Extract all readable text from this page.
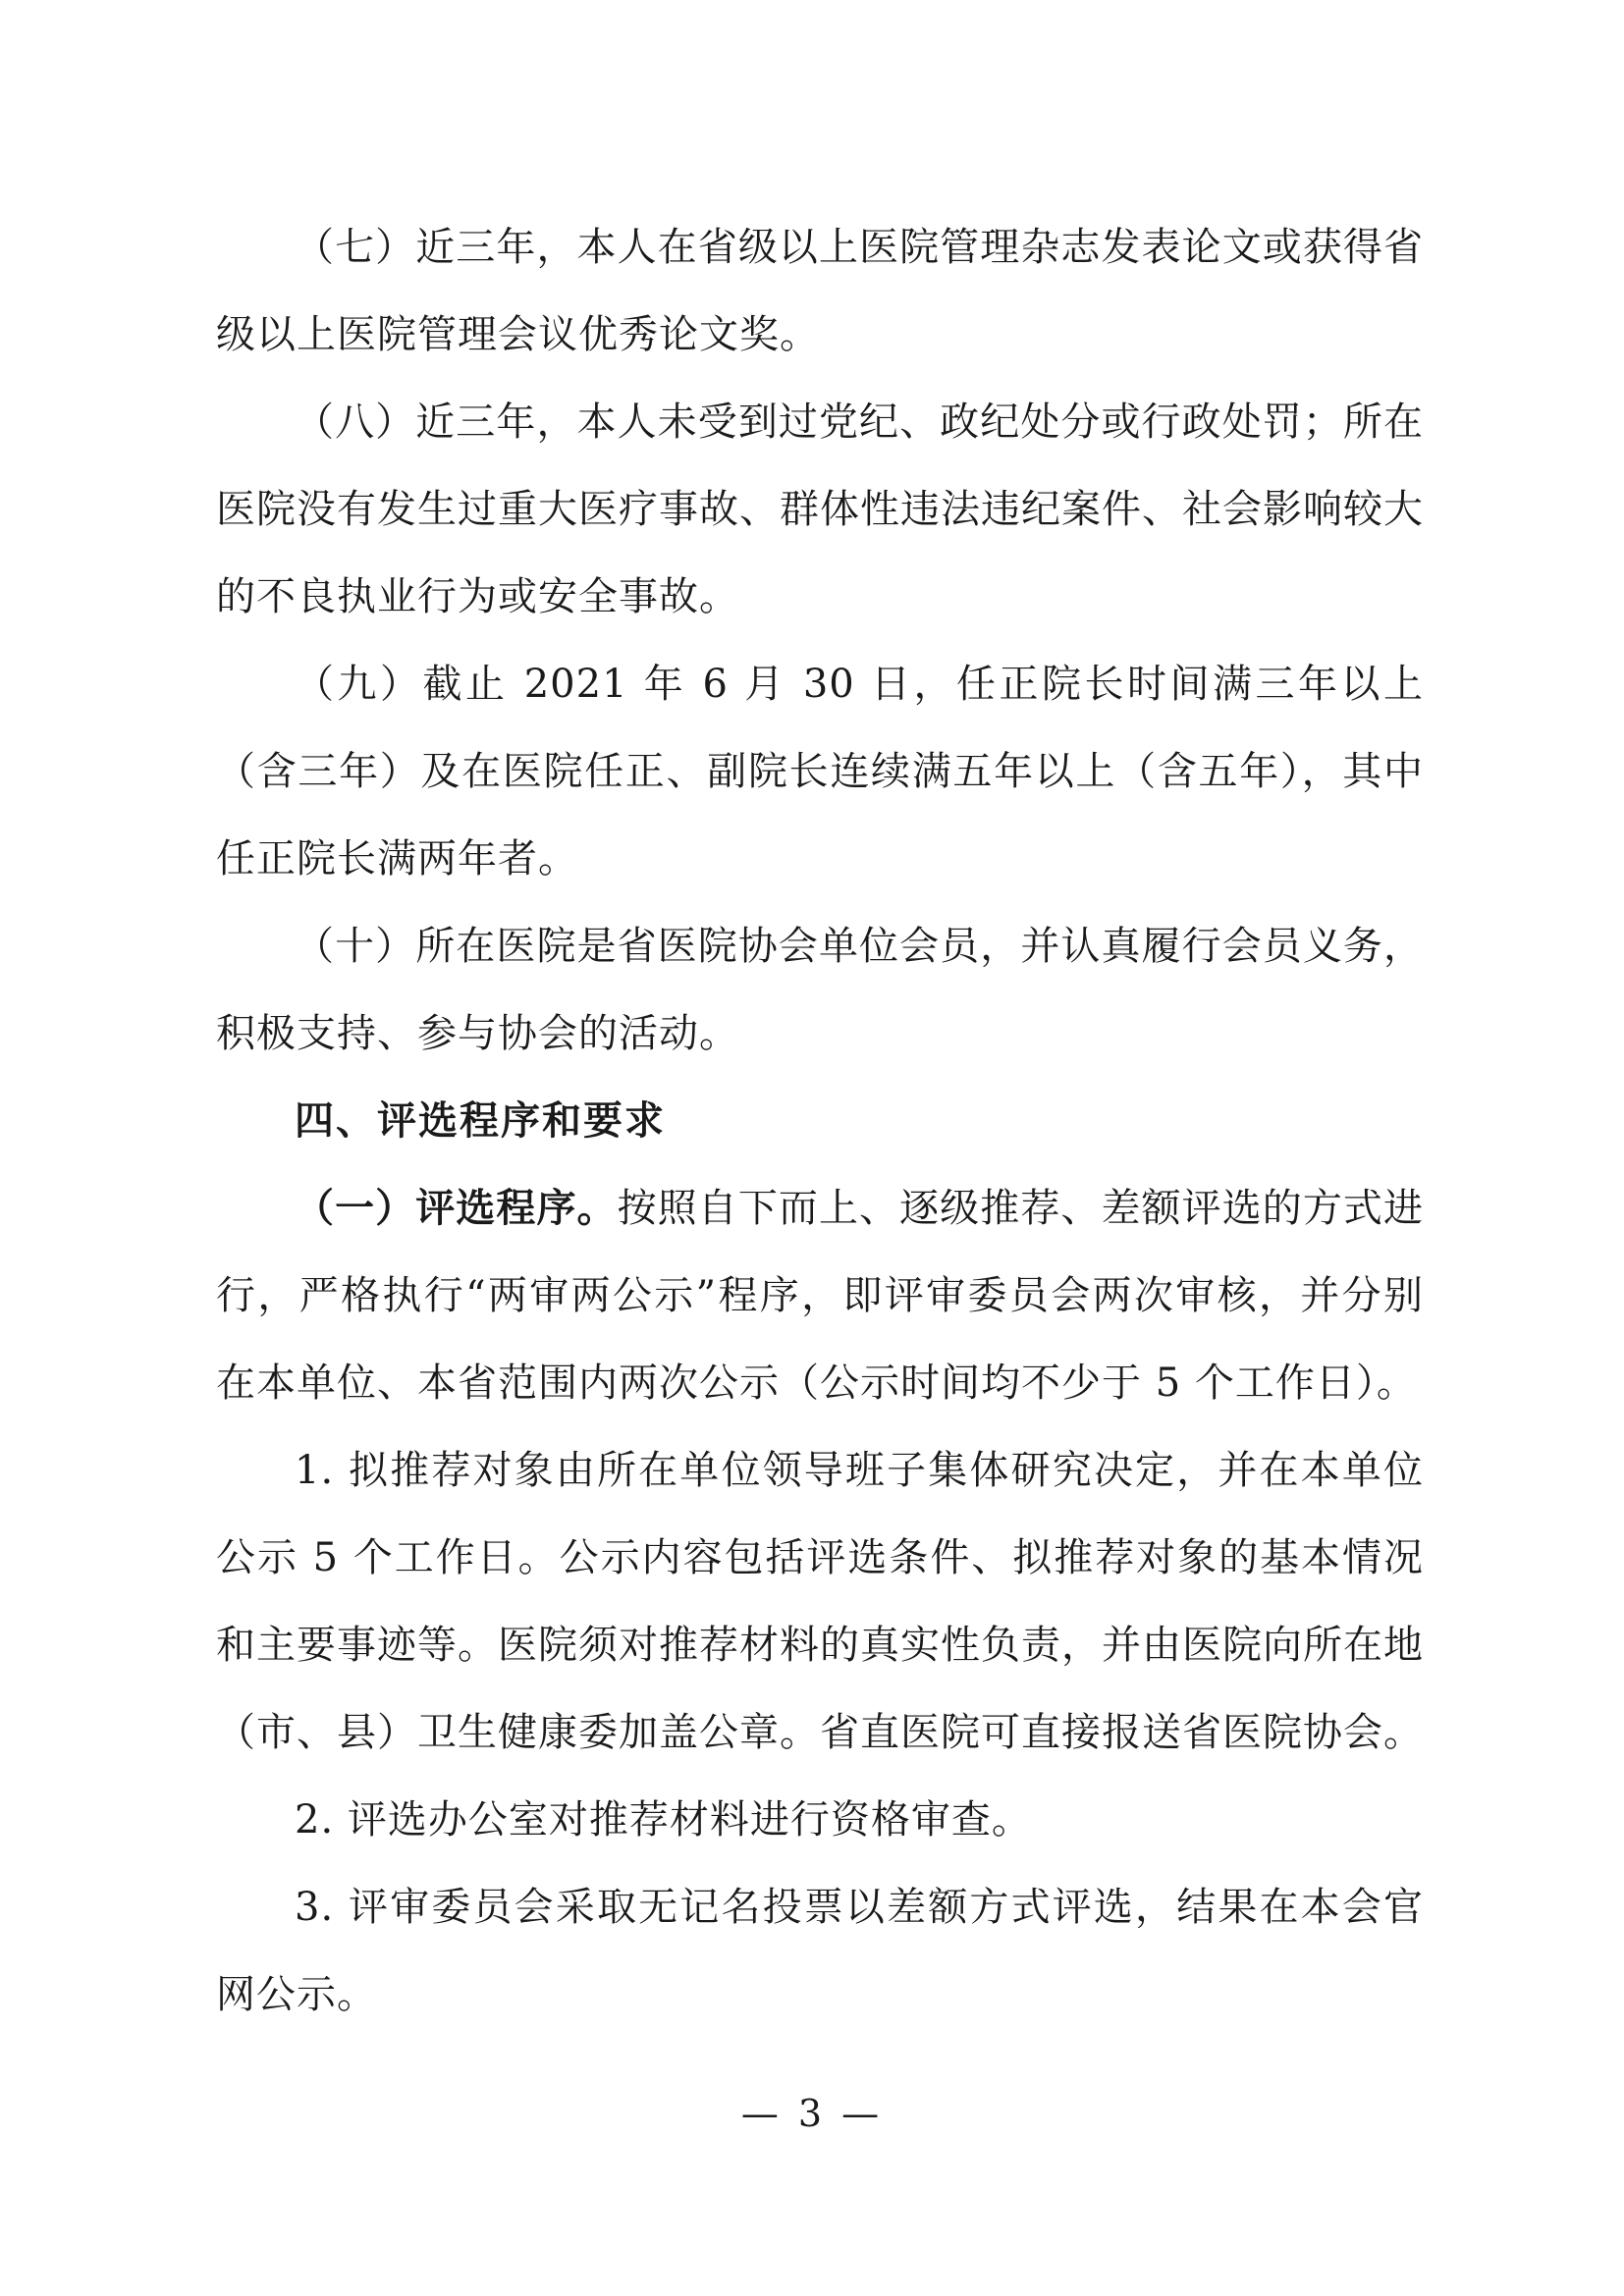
（七）近三年，本人在省级以上医院管理杂志发表论文或获得省级以上医院管理会议优秀论文奖。

（八）近三年，本人未受到过党纪、政纪处分或行政处罚；所在医院没有发生过重大医疗事故、群体性违法违纪案件、社会影响较大的不良执业行为或安全事故。

（九）截止 2021 年 6 月 30 日，任正院长时间满三年以上（含三年）及在医院任正、副院长连续满五年以上（含五年），其中任正院长满两年者。

（十）所在医院是省医院协会单位会员，并认真履行会员义务，积极支持、参与协会的活动。

四、评选程序和要求

（一）评选程序。按照自下而上、逐级推荐、差额评选的方式进行，严格执行“两审两公示”程序，即评审委员会两次审核，并分别在本单位、本省范围内两次公示（公示时间均不少于 5 个工作日）。

1. 拟推荐对象由所在单位领导班子集体研究决定，并在本单位公示 5 个工作日。公示内容包括评选条件、拟推荐对象的基本情况和主要事迹等。医院须对推荐材料的真实性负责，并由医院向所在地（市、县）卫生健康委加盖公章。省直医院可直接报送省医院协会。

2. 评选办公室对推荐材料进行资格审查。

3. 评审委员会采取无记名投票以差额方式评选，结果在本会官网公示。

— 3 —
